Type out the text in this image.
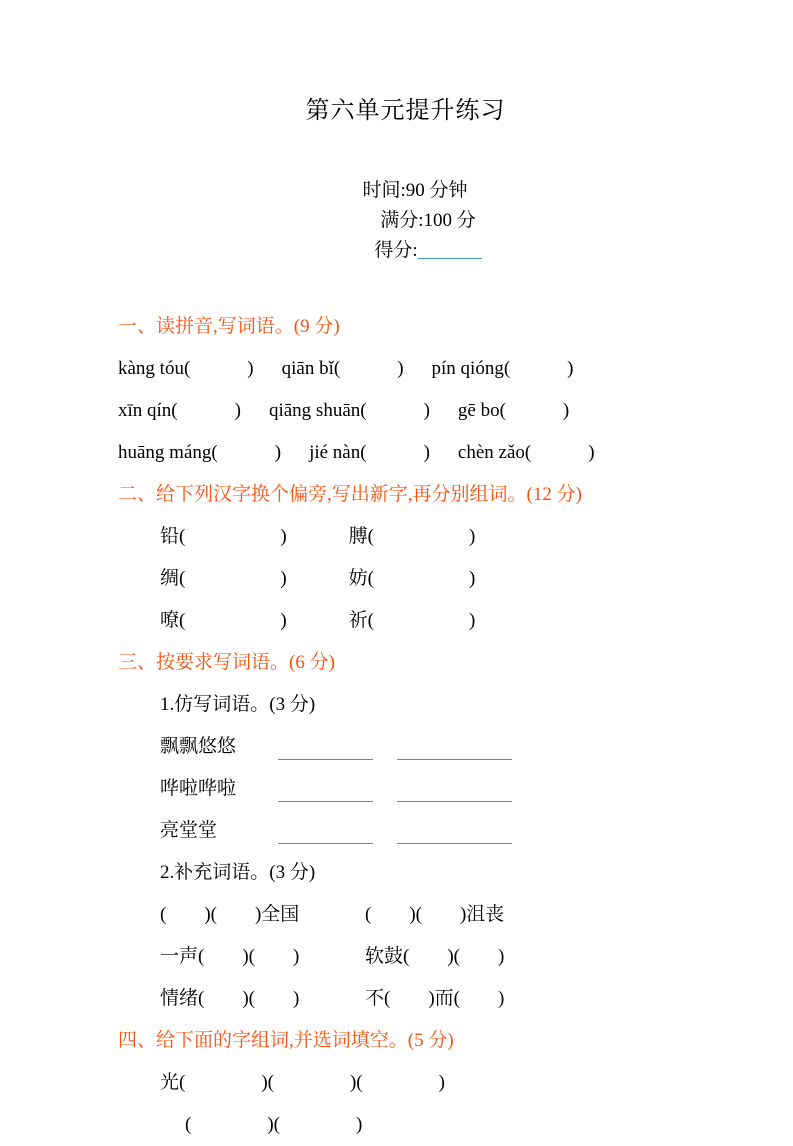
第六单元提升练习

时间:90 分钟
满分:100 分
得分:

一、读拼音,写词语。(9 分)
kàng tóu(            ) qiān bǐ(            ) pín qióng(            )
xīn qín(            ) qiāng shuān(            ) gē bo(            )
huāng máng(            ) jié nàn(            ) chèn zǎo(            )
二、给下列汉字换个偏旁,写出新字,再分别组词。(12 分)
铅(                    )	膊(                    )
绸(                    )	妨(                    )
嘹(                    )	祈(                    )
三、按要求写词语。(6 分)
1.仿写词语。(3 分)
飘飘悠悠
哗啦哗啦
亮堂堂
2.补充词语。(3 分)
(        )(        )全国	(        )(        )沮丧
一声(        )(        )	软鼓(        )(        )
情绪(        )(        )	不(        )而(        )
四、给下面的字组词,并选词填空。(5 分)
光(                )(                )(                )
(                )(                )
